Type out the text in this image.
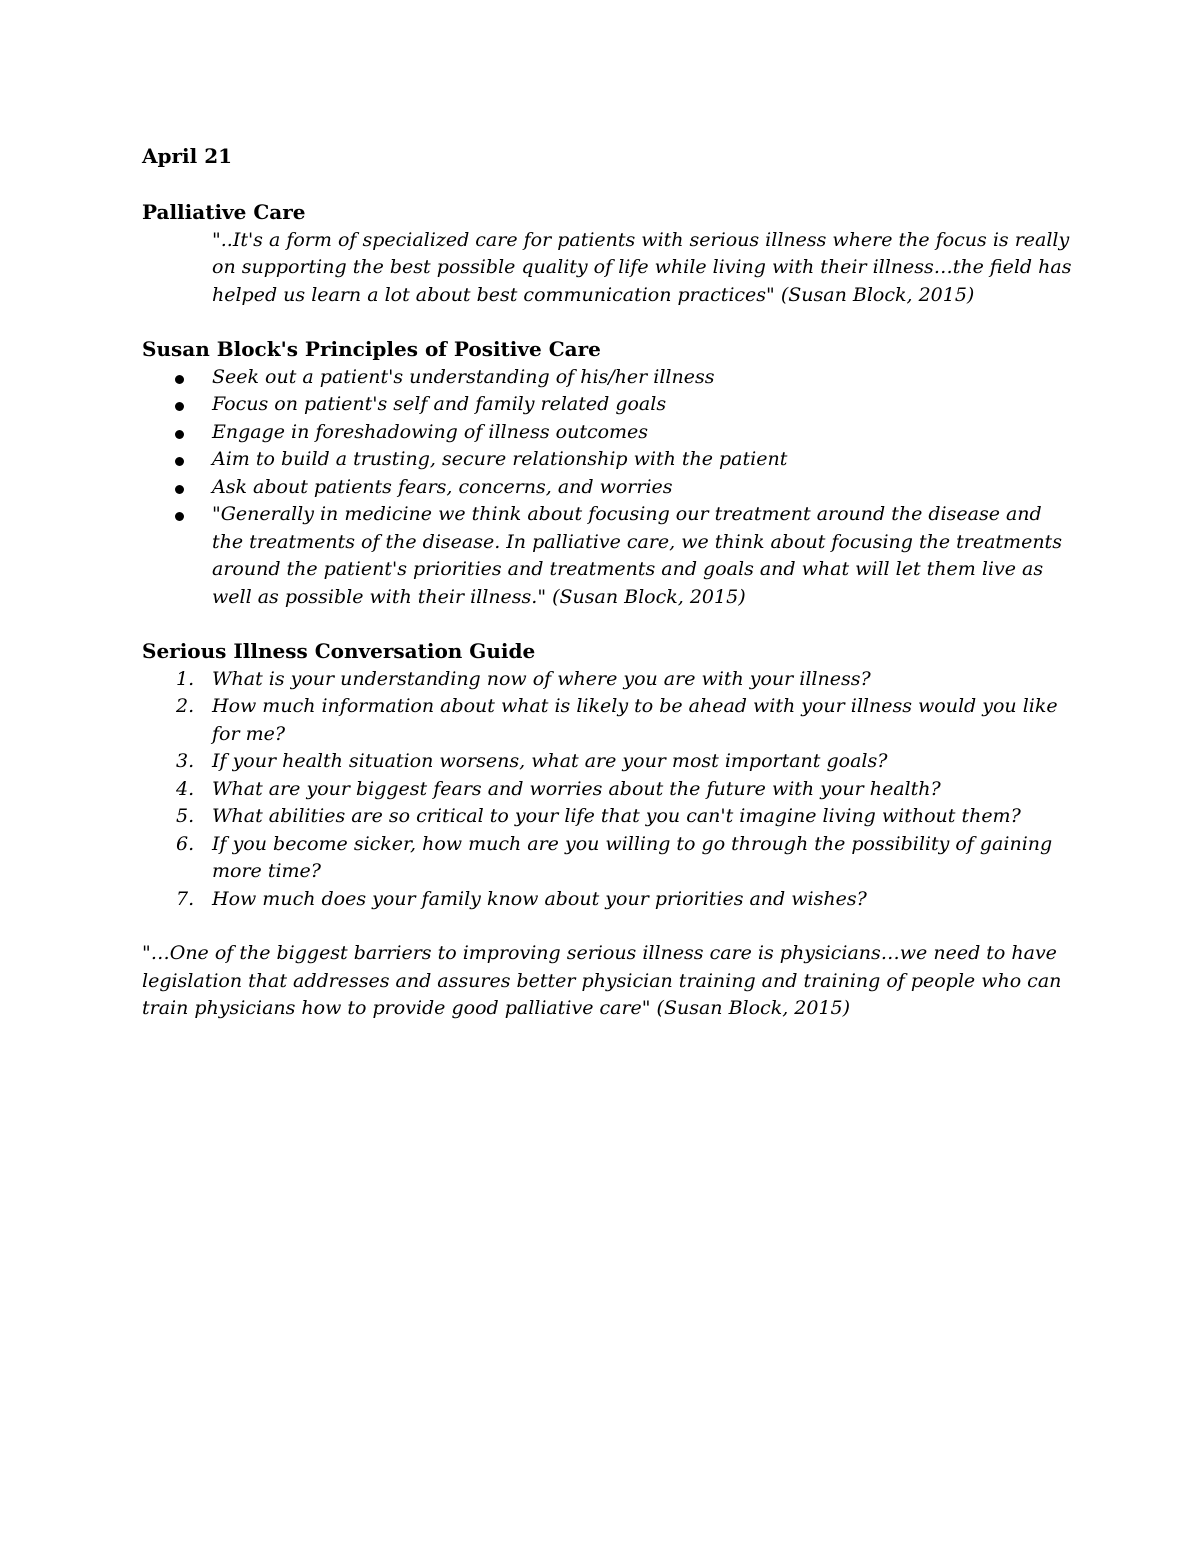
April 21

Palliative Care

"..It's a form of specialized care for patients with serious illness where the focus is really on supporting the best possible quality of life while living with their illness…the field has helped us learn a lot about best communication practices" (Susan Block, 2015)

Susan Block's Principles of Positive Care

Seek out a patient's understanding of his/her illness
Focus on patient's self and family related goals
Engage in foreshadowing of illness outcomes
Aim to build a trusting, secure relationship with the patient
Ask about patients fears, concerns, and worries
"Generally in medicine we think about focusing our treatment around the disease and the treatments of the disease. In palliative care, we think about focusing the treatments around the patient's priorities and treatments and goals and what will let them live as well as possible with their illness." (Susan Block, 2015)

Serious Illness Conversation Guide

1. What is your understanding now of where you are with your illness?
2. How much information about what is likely to be ahead with your illness would you like for me?
3. If your health situation worsens, what are your most important goals?
4. What are your biggest fears and worries about the future with your health?
5. What abilities are so critical to your life that you can't imagine living without them?
6. If you become sicker, how much are you willing to go through the possibility of gaining more time?
7. How much does your family know about your priorities and wishes?

"…One of the biggest barriers to improving serious illness care is physicians…we need to have legislation that addresses and assures better physician training and training of people who can train physicians how to provide good palliative care" (Susan Block, 2015)
